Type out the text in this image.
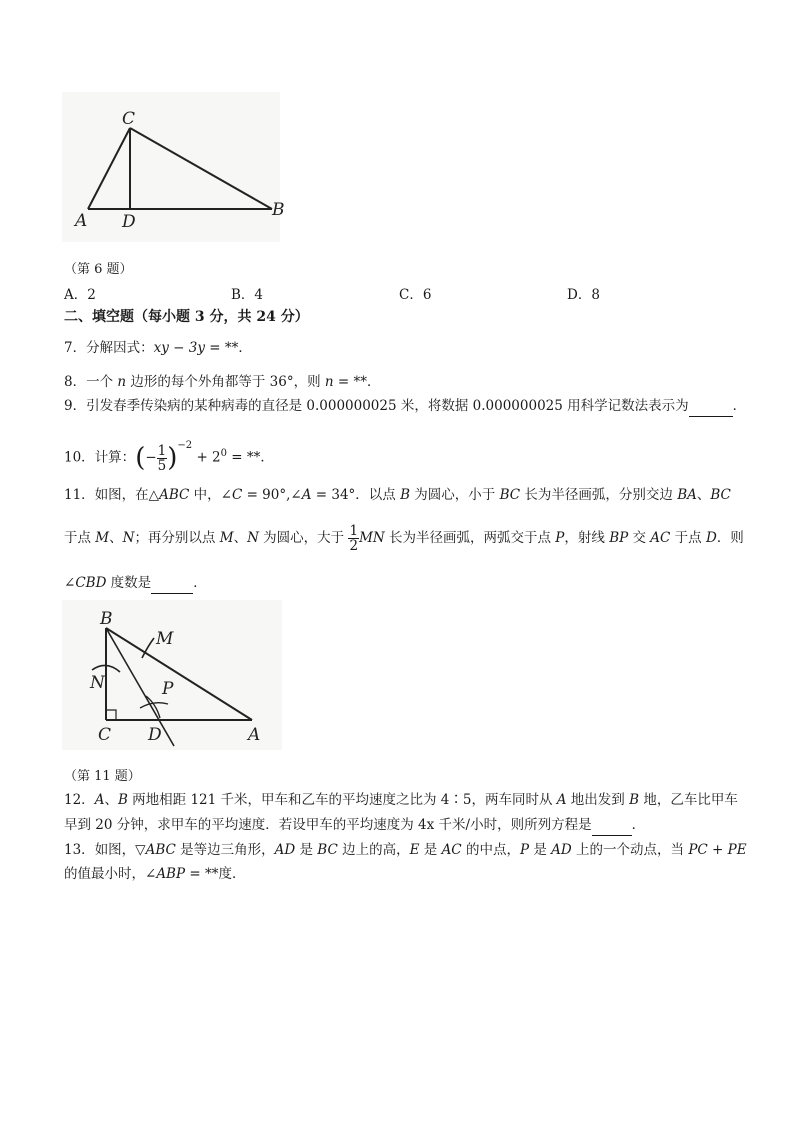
C
A D
B
（第 6 题）
A．2	B．4	C．6	D．8
二、填空题（每小题 3 分，共 24 分）
7．分解因式：xy − 3y = **．
8．一个 n 边形的每个外角都等于 36°，则 n = **．
9．引发春季传染病的某种病毒的直径是 0.000000025 米，将数据 0.000000025 用科学记数法表示为	．
10．计算：(− $\frac{1}{5} )^{-2} + 2^0$ = **．
11．如图，在△ABC 中，∠C = 90°,∠A = 34°．以点 B 为圆心，小于 BC 长为半径画弧，分别交边 BA、BC
于点 M、N；再分别以点 M、N 为圆心，大于 $\frac{1}{2}$ MN 长为半径画弧，两弧交于点 P，射线 BP 交 AC 于点 D．则
∠CBD 度数是	．
B
M
N	P
C D	A
（第 11 题）
12．A、B 两地相距 121 千米，甲车和乙车的平均速度之比为 4∶5，两车同时从 A 地出发到 B 地，乙车比甲车
早到 20 分钟，求甲车的平均速度．若设甲车的平均速度为 4x 千米/小时，则所列方程是	．
13．如图，▽ABC 是等边三角形，AD 是 BC 边上的高，E 是 AC 的中点，P 是 AD 上的一个动点，当 PC + PE
的值最小时，∠ABP = **度．
